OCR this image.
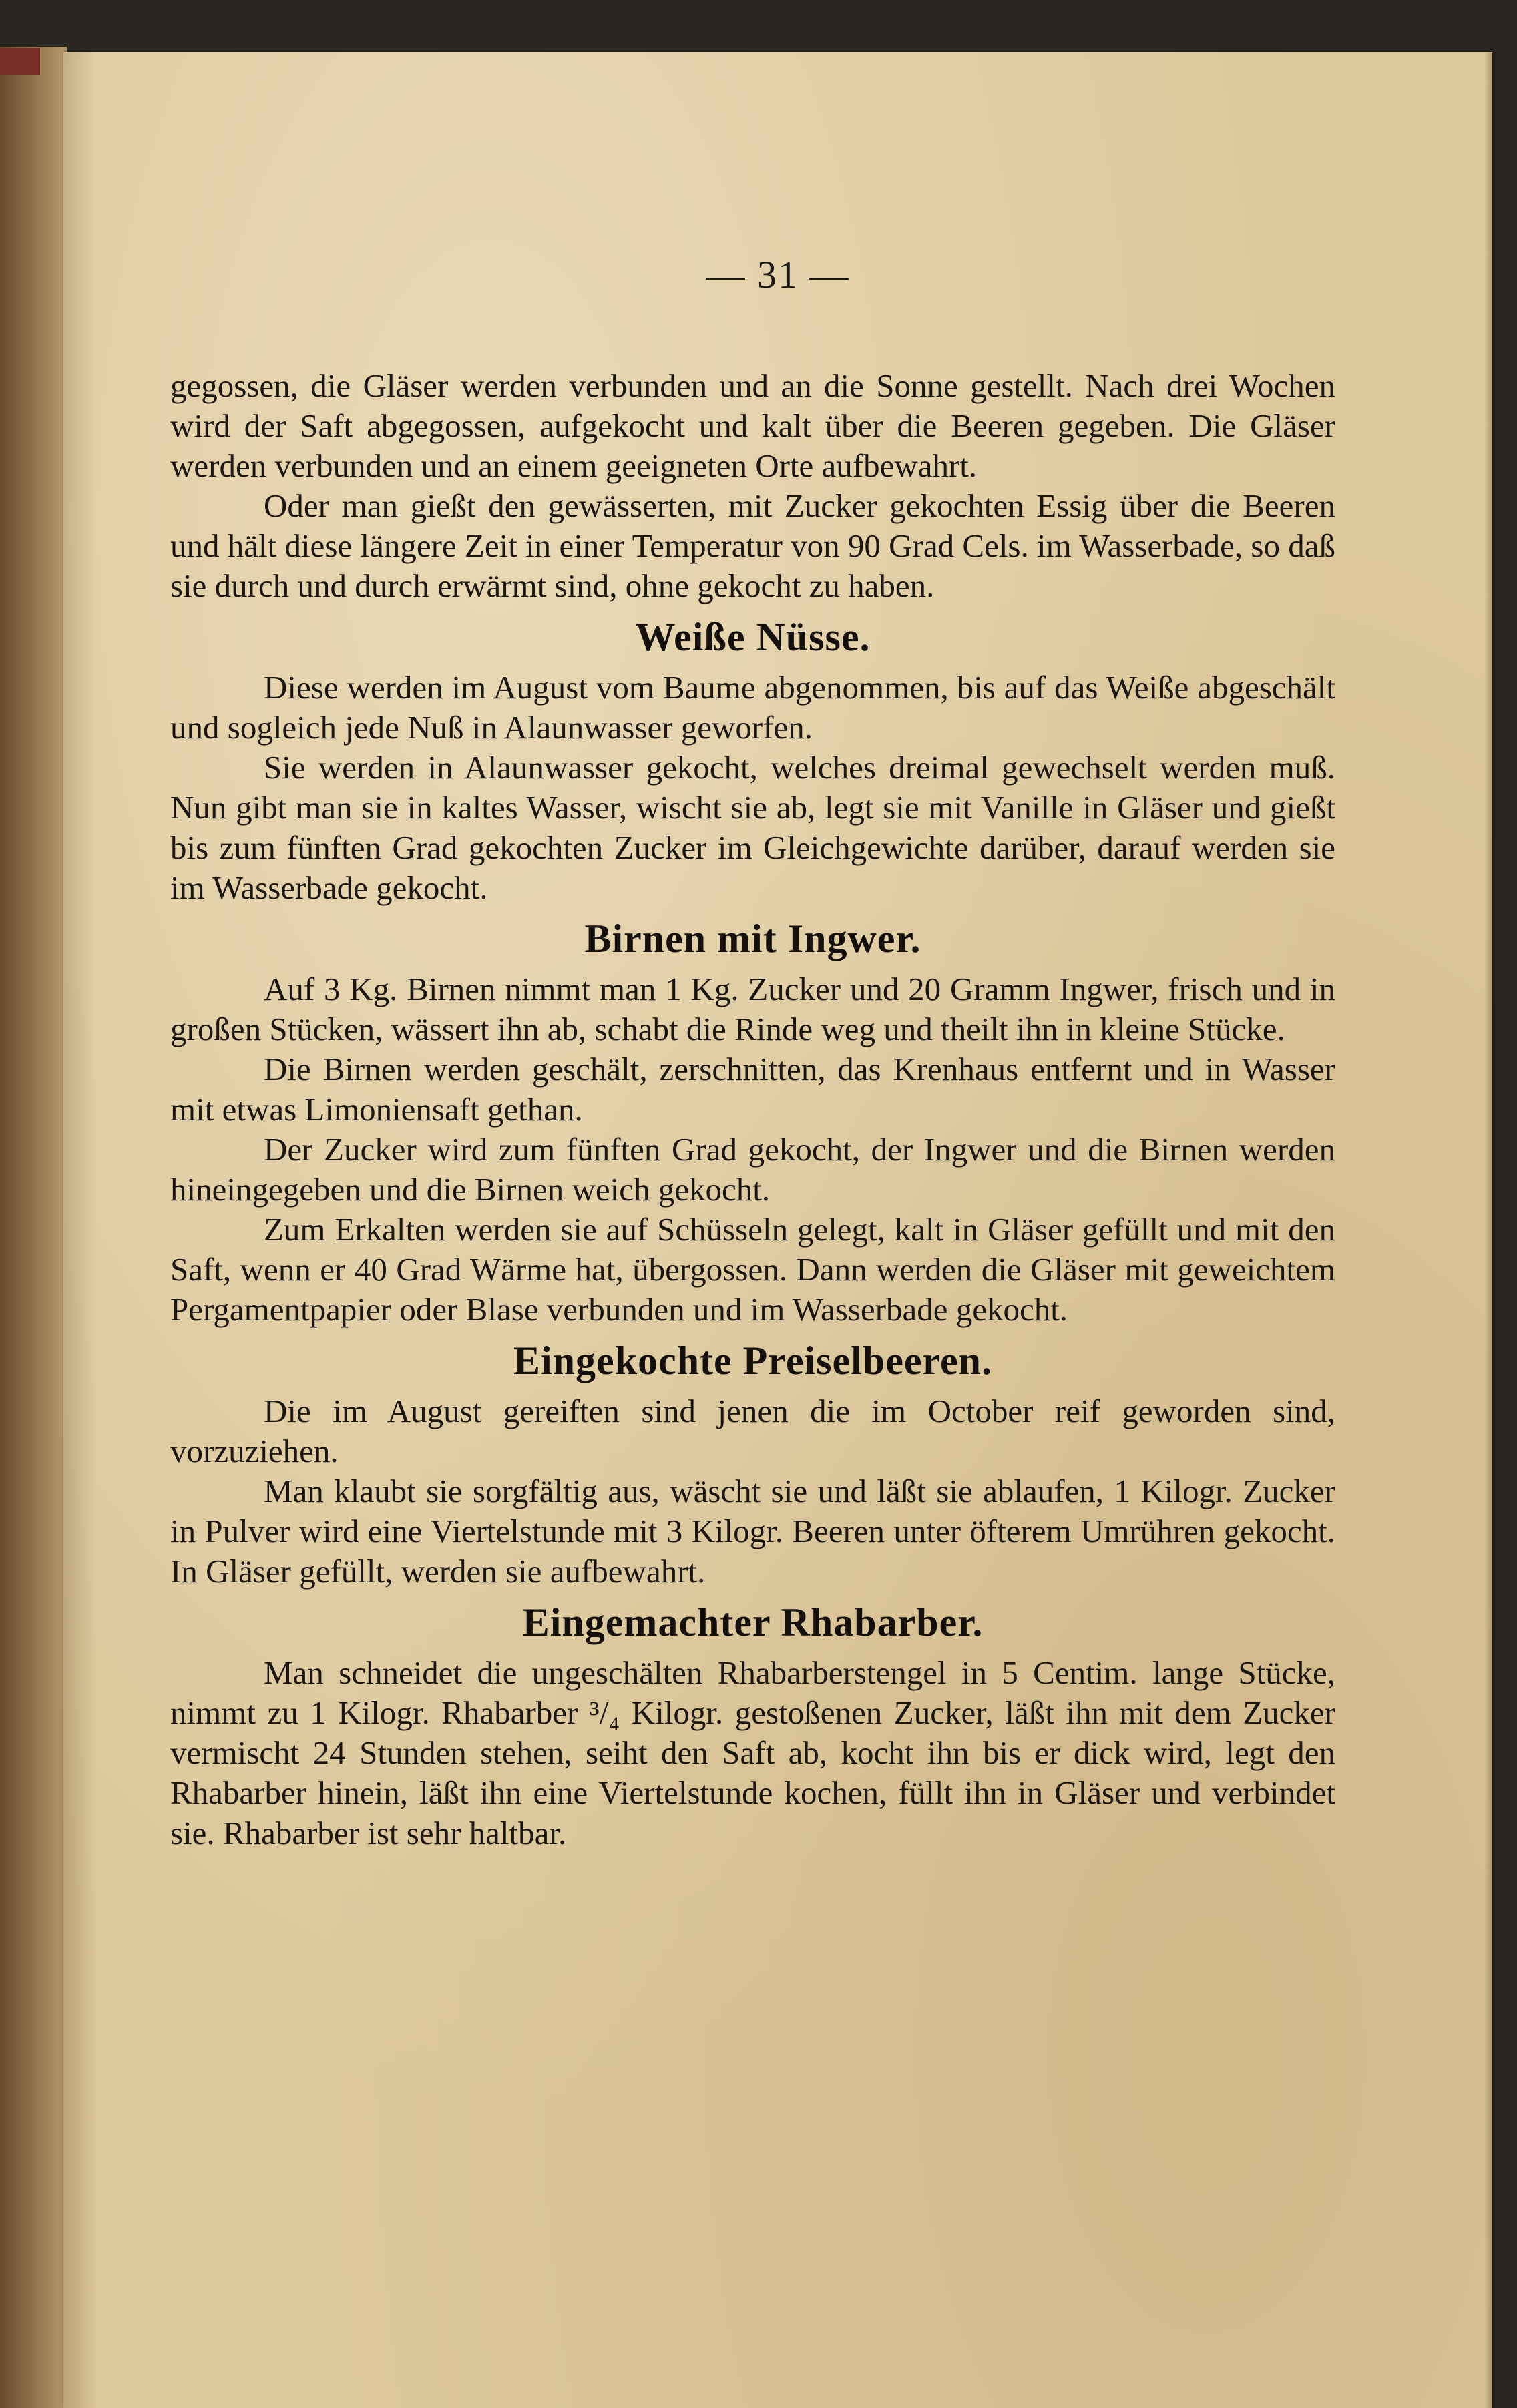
— 31 —

gegossen, die Gläser werden verbunden und an die Sonne gestellt. Nach drei Wochen wird der Saft abgegossen, aufgekocht und kalt über die Beeren gegeben. Die Gläser werden verbunden und an einem geeigneten Orte aufbewahrt.

Oder man gießt den gewässerten, mit Zucker gekochten Essig über die Beeren und hält diese längere Zeit in einer Temperatur von 90 Grad Cels. im Wasserbade, so daß sie durch und durch erwärmt sind, ohne gekocht zu haben.

Weiße Nüsse.

Diese werden im August vom Baume abgenommen, bis auf das Weiße abgeschält und sogleich jede Nuß in Alaunwasser geworfen.

Sie werden in Alaunwasser gekocht, welches dreimal gewechselt werden muß. Nun gibt man sie in kaltes Wasser, wischt sie ab, legt sie mit Vanille in Gläser und gießt bis zum fünften Grad gekochten Zucker im Gleichgewichte darüber, darauf werden sie im Wasserbade gekocht.

Birnen mit Ingwer.

Auf 3 Kg. Birnen nimmt man 1 Kg. Zucker und 20 Gramm Ingwer, frisch und in großen Stücken, wässert ihn ab, schabt die Rinde weg und theilt ihn in kleine Stücke.

Die Birnen werden geschält, zerschnitten, das Krenhaus entfernt und in Wasser mit etwas Limoniensaft gethan.

Der Zucker wird zum fünften Grad gekocht, der Ingwer und die Birnen werden hineingegeben und die Birnen weich gekocht.

Zum Erkalten werden sie auf Schüsseln gelegt, kalt in Gläser gefüllt und mit den Saft, wenn er 40 Grad Wärme hat, übergossen. Dann werden die Gläser mit geweichtem Pergamentpapier oder Blase verbunden und im Wasserbade gekocht.

Eingekochte Preiselbeeren.

Die im August gereiften sind jenen die im October reif geworden sind, vorzuziehen.

Man klaubt sie sorgfältig aus, wäscht sie und läßt sie ablaufen, 1 Kilogr. Zucker in Pulver wird eine Viertelstunde mit 3 Kilogr. Beeren unter öfterem Umrühren gekocht. In Gläser gefüllt, werden sie aufbewahrt.

Eingemachter Rhabarber.

Man schneidet die ungeschälten Rhabarberstengel in 5 Centim. lange Stücke, nimmt zu 1 Kilogr. Rhabarber ³/₄ Kilogr. gestoßenen Zucker, läßt ihn mit dem Zucker vermischt 24 Stunden stehen, seiht den Saft ab, kocht ihn bis er dick wird, legt den Rhabarber hinein, läßt ihn eine Viertelstunde kochen, füllt ihn in Gläser und verbindet sie. Rhabarber ist sehr haltbar.
